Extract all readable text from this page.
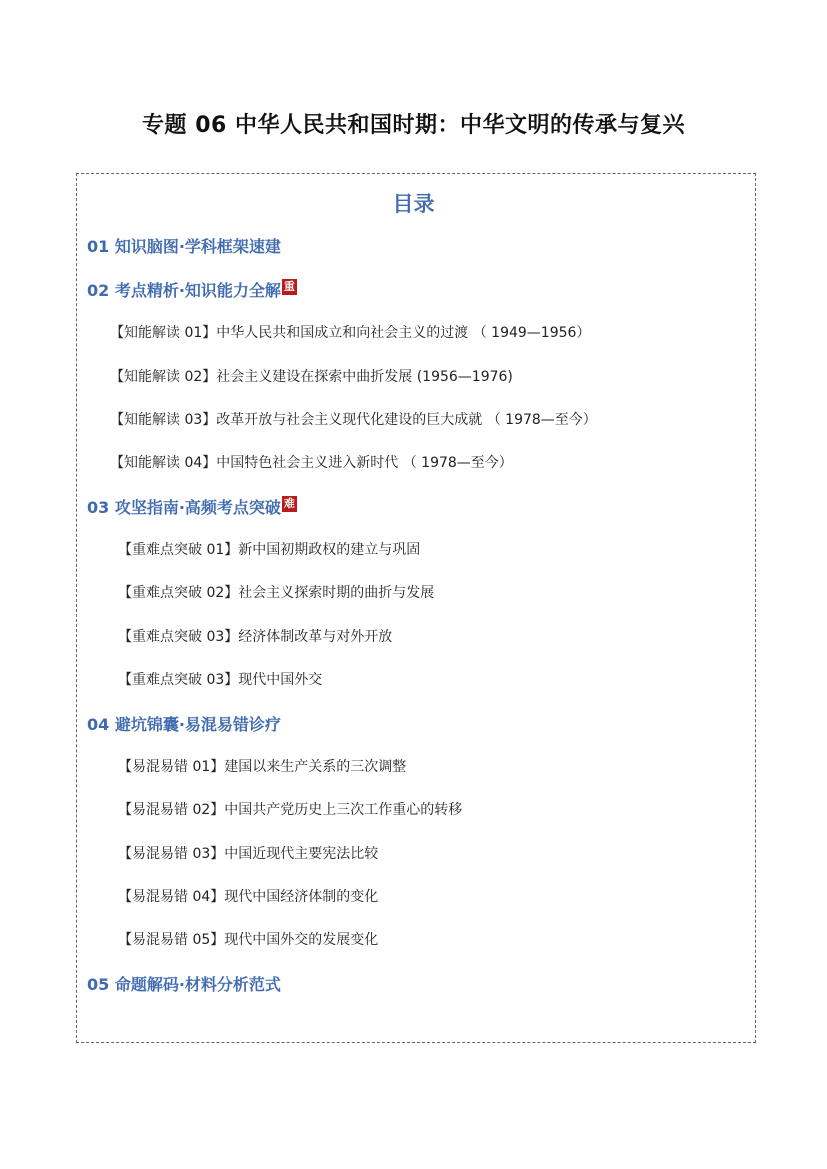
专题 06 中华人民共和国时期：中华文明的传承与复兴
目录
01 知识脑图·学科框架速建
02 考点精析·知识能力全解 重
【知能解读 01】中华人民共和国成立和向社会主义的过渡 （ 1949—1956）
【知能解读 02】社会主义建设在探索中曲折发展 (1956—1976)
【知能解读 03】改革开放与社会主义现代化建设的巨大成就 （ 1978—至今）
【知能解读 04】中国特色社会主义进入新时代 （ 1978—至今）
03 攻坚指南·高频考点突破 难
【重难点突破 01】新中国初期政权的建立与巩固
【重难点突破 02】社会主义探索时期的曲折与发展
【重难点突破 03】经济体制改革与对外开放
【重难点突破 03】现代中国外交
04 避坑锦囊·易混易错诊疗
【易混易错 01】建国以来生产关系的三次调整
【易混易错 02】中国共产党历史上三次工作重心的转移
【易混易错 03】中国近现代主要宪法比较
【易混易错 04】现代中国经济体制的变化
【易混易错 05】现代中国外交的发展变化
05 命题解码·材料分析范式
